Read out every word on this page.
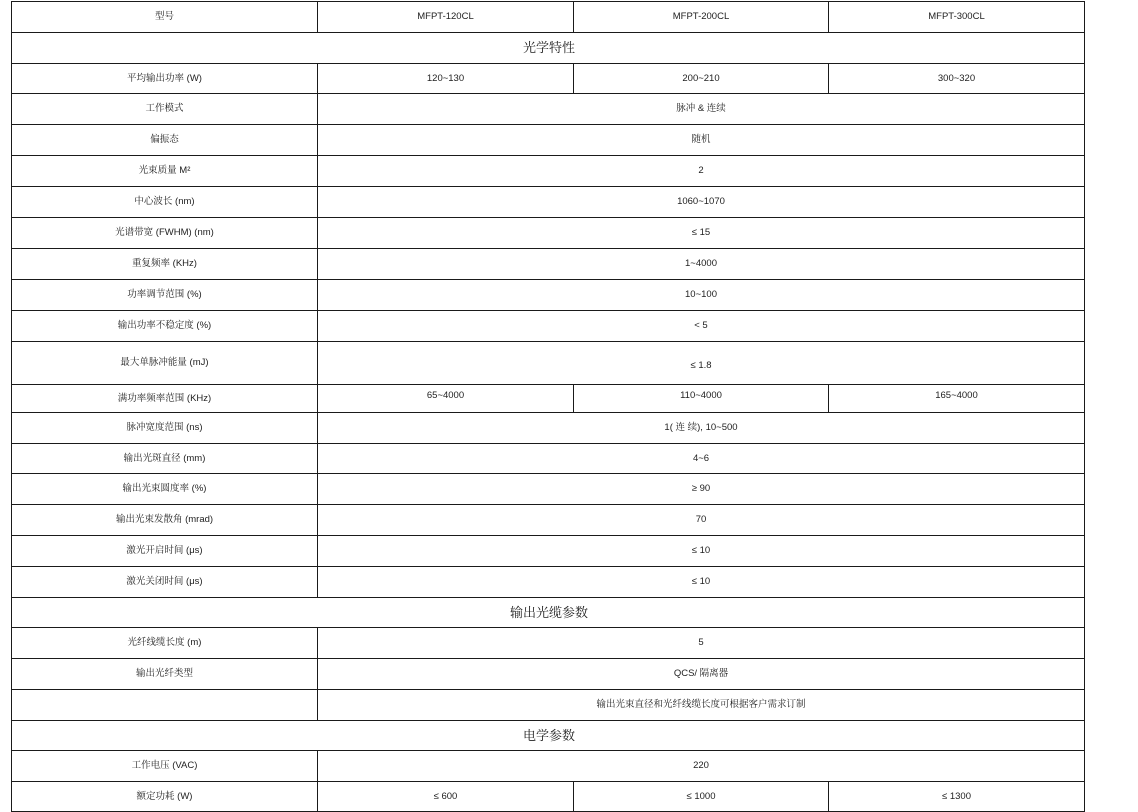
型号	MFPT-120CL	MFPT-200CL	MFPT-300CL
光学特性			
平均输出功率 (W)	120~130	200~210	300~320
工作模式	脉冲 & 连续		
偏振态	随机		
光束质量 M²	2		
中心波长 (nm)	1060~1070		
光谱带宽 (FWHM) (nm)	≤ 15		
重复频率 (KHz)	1~4000		
功率调节范围 (%)	10~100		
输出功率不稳定度 (%)	< 5		
最大单脉冲能量 (mJ)	≤ 1.8		
满功率频率范围 (KHz)	65~4000	110~4000	165~4000
脉冲宽度范围 (ns)	1( 连 续), 10~500		
输出光斑直径 (mm)	4~6		
输出光束圆度率 (%)	≥ 90		
输出光束发散角 (mrad)	70		
激光开启时间 (μs)	≤ 10		
激光关闭时间 (μs)	≤ 10		
输出光缆参数			
光纤线缆长度 (m)	5		
输出光纤类型	QCS/ 隔离器		
	输出光束直径和光纤线缆长度可根据客户需求订制		
电学参数			
工作电压 (VAC)	220		
额定功耗 (W)	≤ 600	≤ 1000	≤ 1300
